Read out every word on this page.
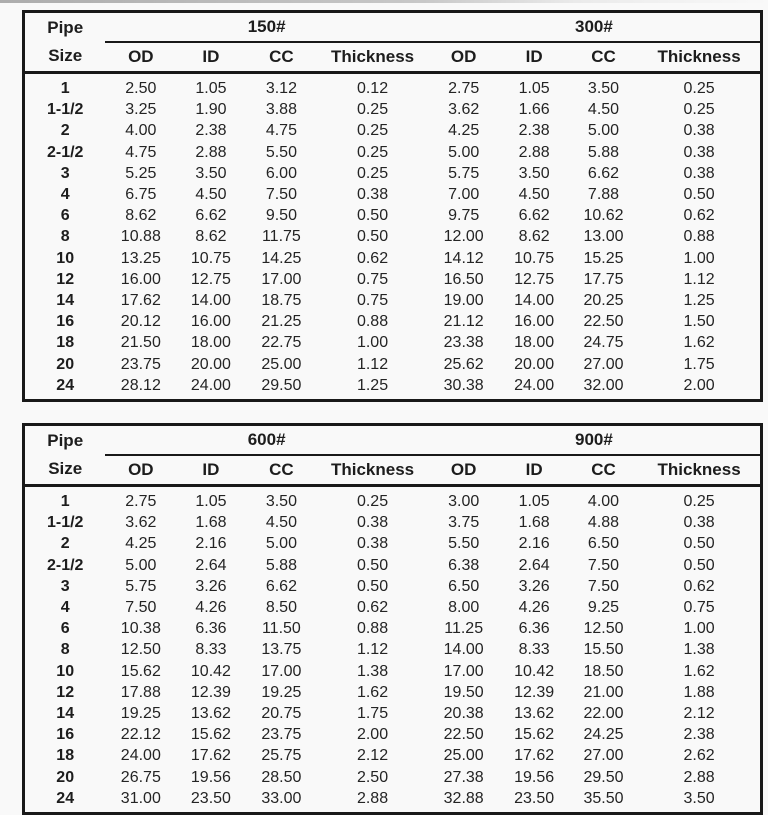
Pipe
Size	150#				300#			
	OD	ID	CC	Thickness	OD	ID	CC	Thickness
1	2.50	1.05	3.12	0.12	2.75	1.05	3.50	0.25
1-1/2	3.25	1.90	3.88	0.25	3.62	1.66	4.50	0.25
2	4.00	2.38	4.75	0.25	4.25	2.38	5.00	0.38
2-1/2	4.75	2.88	5.50	0.25	5.00	2.88	5.88	0.38
3	5.25	3.50	6.00	0.25	5.75	3.50	6.62	0.38
4	6.75	4.50	7.50	0.38	7.00	4.50	7.88	0.50
6	8.62	6.62	9.50	0.50	9.75	6.62	10.62	0.62
8	10.88	8.62	11.75	0.50	12.00	8.62	13.00	0.88
10	13.25	10.75	14.25	0.62	14.12	10.75	15.25	1.00
12	16.00	12.75	17.00	0.75	16.50	12.75	17.75	1.12
14	17.62	14.00	18.75	0.75	19.00	14.00	20.25	1.25
16	20.12	16.00	21.25	0.88	21.12	16.00	22.50	1.50
18	21.50	18.00	22.75	1.00	23.38	18.00	24.75	1.62
20	23.75	20.00	25.00	1.12	25.62	20.00	27.00	1.75
24	28.12	24.00	29.50	1.25	30.38	24.00	32.00	2.00
Pipe
Size	600#				900#			
	OD	ID	CC	Thickness	OD	ID	CC	Thickness
1	2.75	1.05	3.50	0.25	3.00	1.05	4.00	0.25
1-1/2	3.62	1.68	4.50	0.38	3.75	1.68	4.88	0.38
2	4.25	2.16	5.00	0.38	5.50	2.16	6.50	0.50
2-1/2	5.00	2.64	5.88	0.50	6.38	2.64	7.50	0.50
3	5.75	3.26	6.62	0.50	6.50	3.26	7.50	0.62
4	7.50	4.26	8.50	0.62	8.00	4.26	9.25	0.75
6	10.38	6.36	11.50	0.88	11.25	6.36	12.50	1.00
8	12.50	8.33	13.75	1.12	14.00	8.33	15.50	1.38
10	15.62	10.42	17.00	1.38	17.00	10.42	18.50	1.62
12	17.88	12.39	19.25	1.62	19.50	12.39	21.00	1.88
14	19.25	13.62	20.75	1.75	20.38	13.62	22.00	2.12
16	22.12	15.62	23.75	2.00	22.50	15.62	24.25	2.38
18	24.00	17.62	25.75	2.12	25.00	17.62	27.00	2.62
20	26.75	19.56	28.50	2.50	27.38	19.56	29.50	2.88
24	31.00	23.50	33.00	2.88	32.88	23.50	35.50	3.50
